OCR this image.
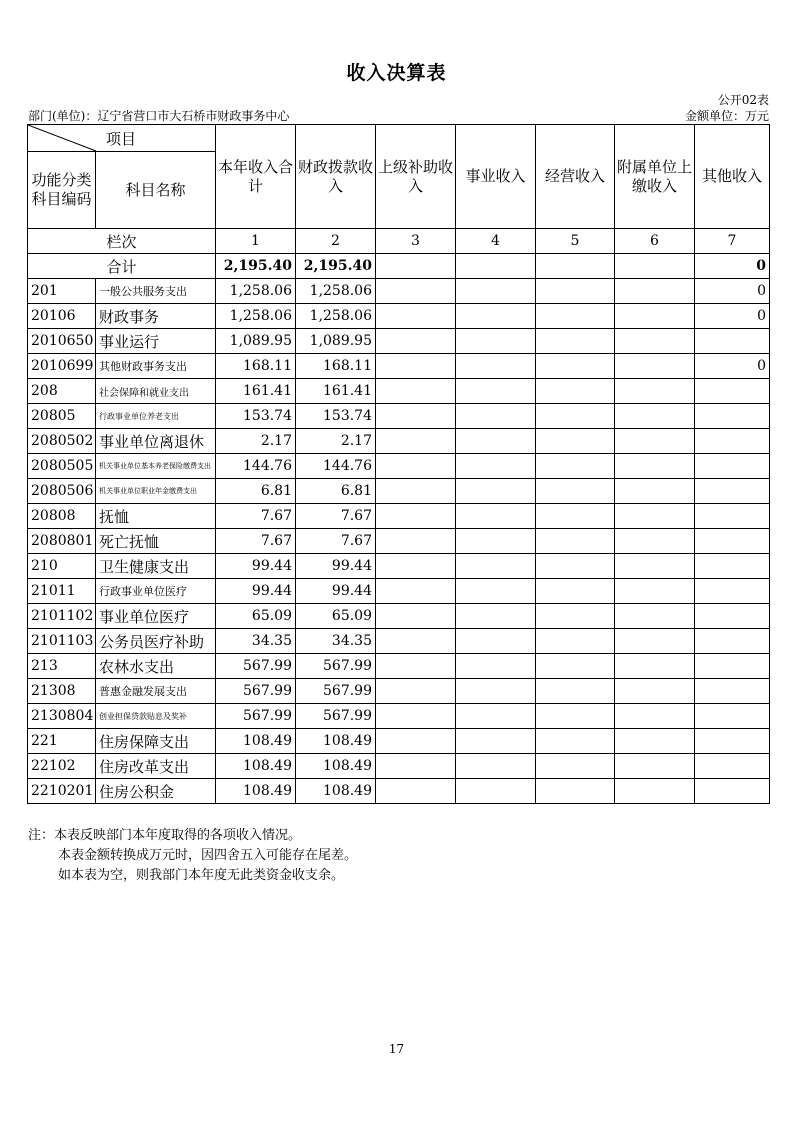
收入决算表
公开02表
部门(单位)：辽宁省营口市大石桥市财政事务中心	金额单位：万元
项目		本年收入合计	财政拨款收入	上级补助收入	事业收入	经营收入	附属单位上缴收入	其他收入
功能分类科目编码	科目名称							
栏次		1	2	3	4	5	6	7
合计		2,195.40	2,195.40					0
201	一般公共服务支出	1,258.06	1,258.06					0
20106	财政事务	1,258.06	1,258.06					0
2010650	事业运行	1,089.95	1,089.95					
2010699	其他财政事务支出	168.11	168.11					0
208	社会保障和就业支出	161.41	161.41					
20805	行政事业单位养老支出	153.74	153.74					
2080502	事业单位离退休	2.17	2.17					
2080505	机关事业单位基本养老保险缴费支出	144.76	144.76					
2080506	机关事业单位职业年金缴费支出	6.81	6.81					
20808	抚恤	7.67	7.67					
2080801	死亡抚恤	7.67	7.67					
210	卫生健康支出	99.44	99.44					
21011	行政事业单位医疗	99.44	99.44					
2101102	事业单位医疗	65.09	65.09					
2101103	公务员医疗补助	34.35	34.35					
213	农林水支出	567.99	567.99					
21308	普惠金融发展支出	567.99	567.99					
2130804	创业担保贷款贴息及奖补	567.99	567.99					
221	住房保障支出	108.49	108.49					
22102	住房改革支出	108.49	108.49					
2210201	住房公积金	108.49	108.49					
注：本表反映部门本年度取得的各项收入情况。
本表金额转换成万元时，因四舍五入可能存在尾差。
如本表为空，则我部门本年度无此类资金收支余。
17
